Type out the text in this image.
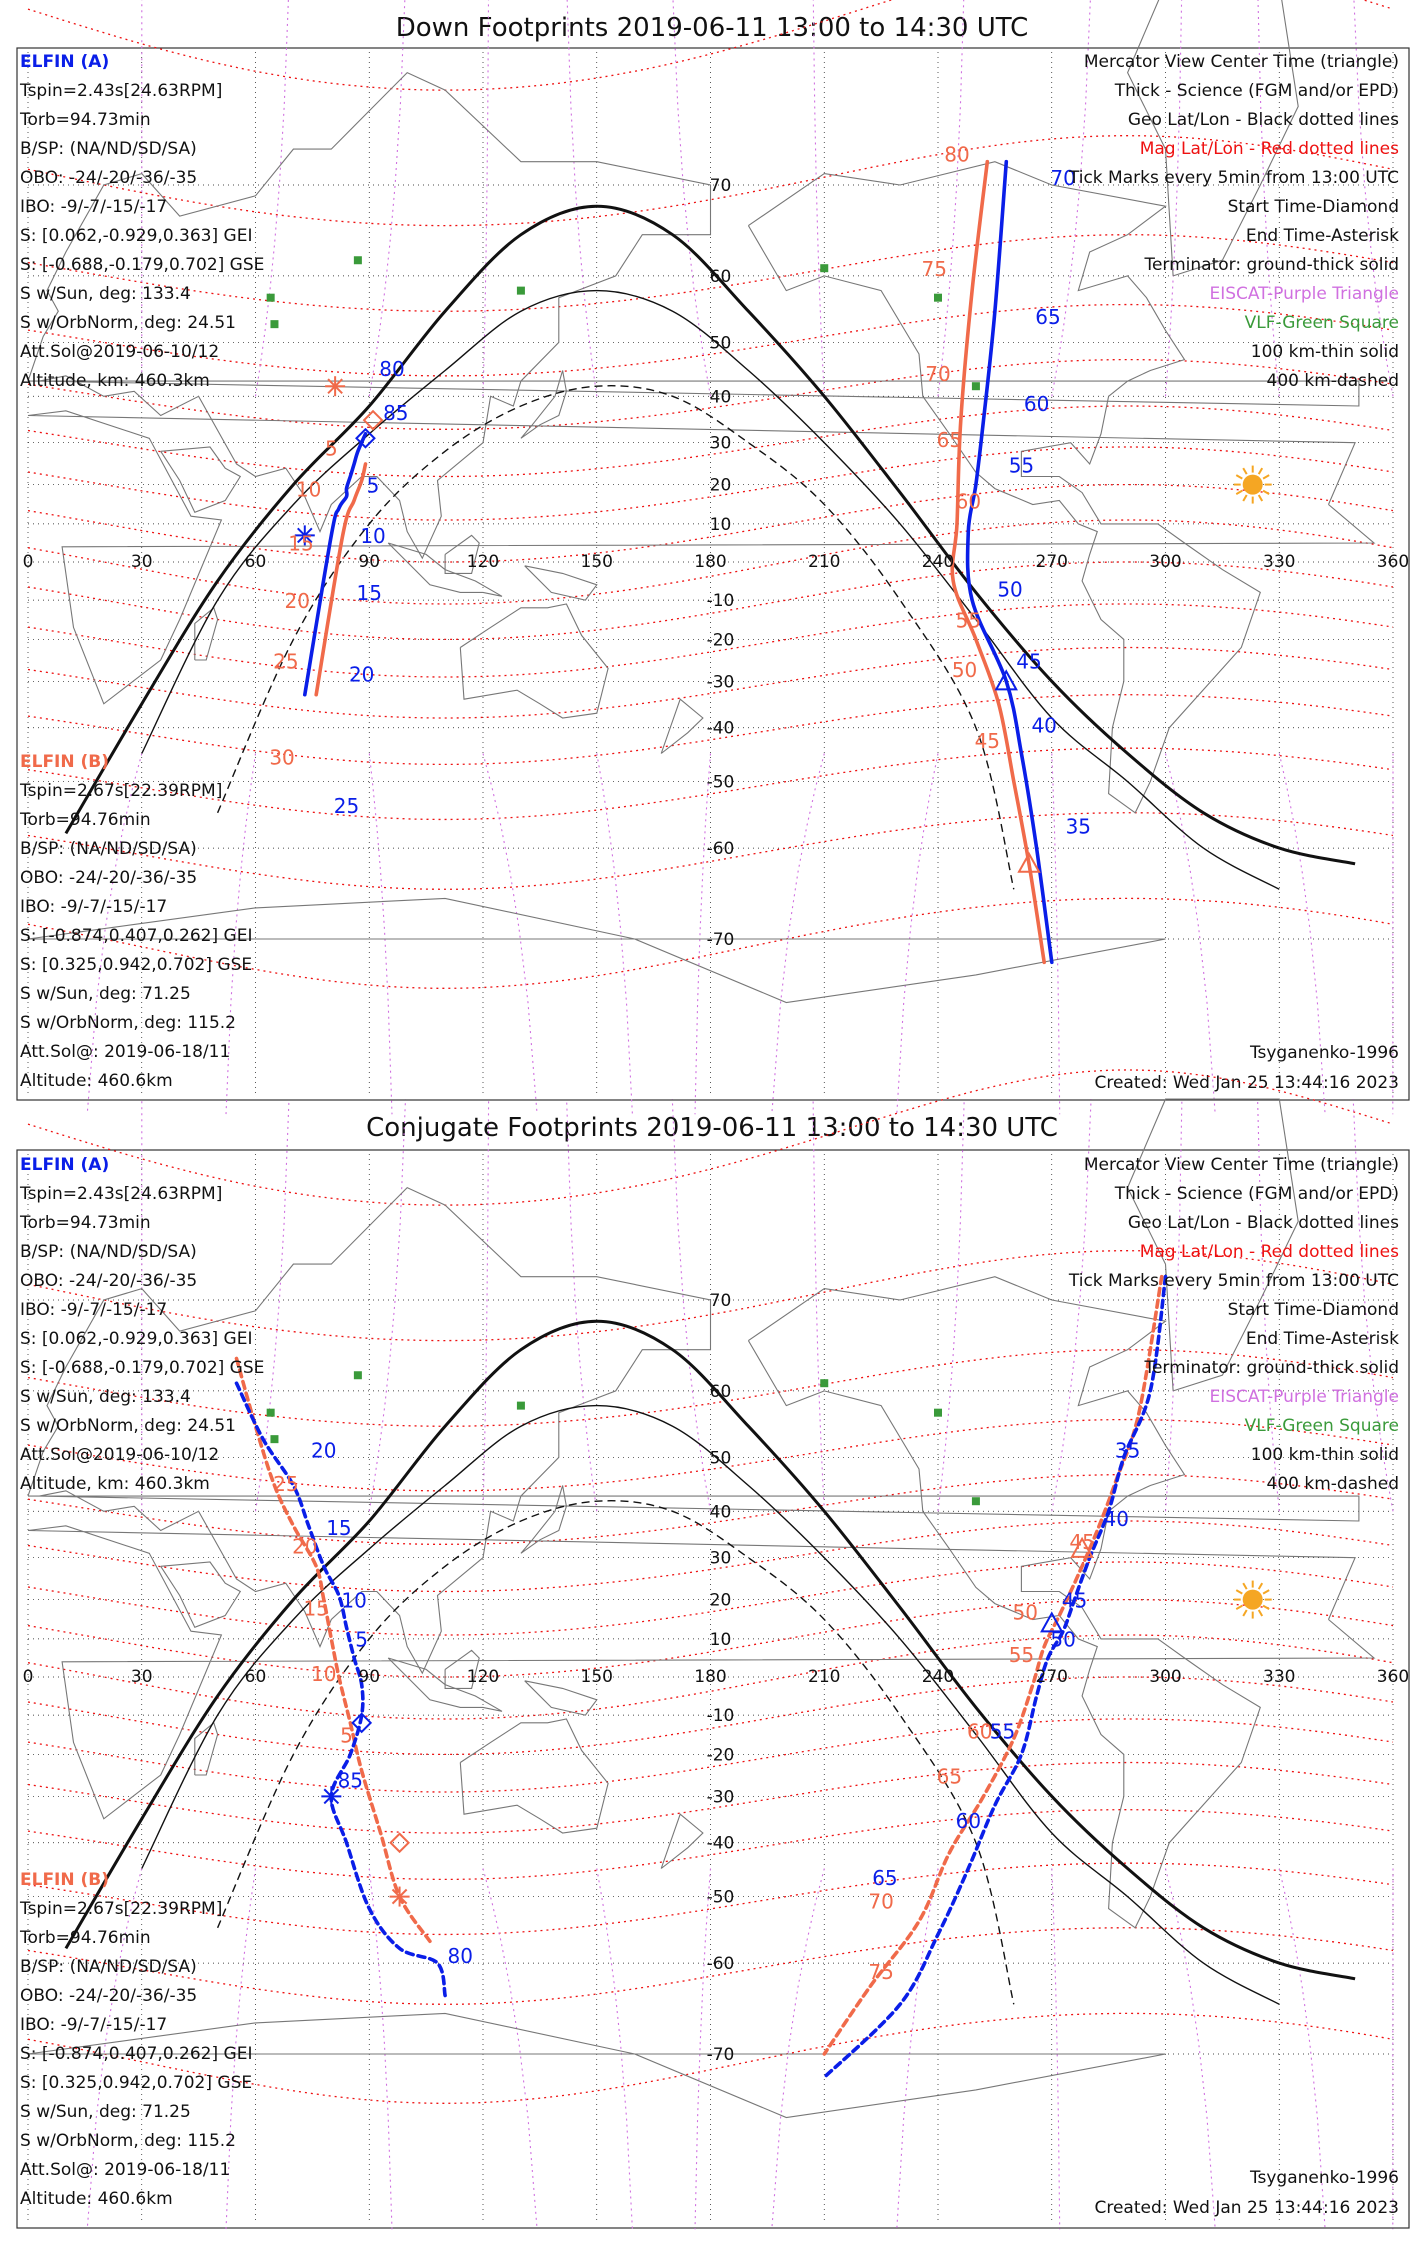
Down Footprints 2019-06-11 13:00 to 14:30 UTC
0	30	60	90	120	150	180	210	240	270	300	330	360
70
60
50
40
30
20
10
-10
-20
-30
-40
-50
-60
-70
80
85
5
10
15
20
25
70
65
60
55
50
45
40
35
5
10
15
20
25
30
80
75
70
65
60
55
50
45
ELFIN (A)
Tspin=2.43s[24.63RPM]
Torb=94.73min
B/SP: (NA/ND/SD/SA)
OBO: -24/-20/-36/-35
IBO: -9/-7/-15/-17
S: [0.062,-0.929,0.363] GEI
S: [-0.688,-0.179,0.702] GSE
S w/Sun, deg: 133.4
S w/OrbNorm, deg: 24.51
Att.Sol@2019-06-10/12
Altitude, km: 460.3km
ELFIN (B)
Tspin=2.67s[22.39RPM]
Torb=94.76min
B/SP: (NA/ND/SD/SA)
OBO: -24/-20/-36/-35
IBO: -9/-7/-15/-17
S: [-0.874,0.407,0.262] GEI
S: [0.325,0.942,0.702] GSE
S w/Sun, deg: 71.25
S w/OrbNorm, deg: 115.2
Att.Sol@: 2019-06-18/11
Altitude: 460.6km
Mercator View Center Time (triangle)
Thick - Science (FGM and/or EPD)
Geo Lat/Lon - Black dotted lines
Mag Lat/Lon - Red dotted lines
Tick Marks every 5min from 13:00 UTC
Start Time-Diamond
End Time-Asterisk
Terminator: ground-thick solid
EISCAT-Purple Triangle
VLF-Green Square
100 km-thin solid
400 km-dashed
Tsyganenko-1996
Created: Wed Jan 25 13:44:16 2023
Conjugate Footprints 2019-06-11 13:00 to 14:30 UTC
0	30	60	90	120	150	180	210	240	270	300	330	360
70
60
50
40
30
20
10
-10
-20
-30
-40
-50
-60
-70
20
15
10
5
85
80
35
40
45
50
55
60
65
25
20
15
10
5
75
70
65
60
55
50
45
ELFIN (A)
Tspin=2.43s[24.63RPM]
Torb=94.73min
B/SP: (NA/ND/SD/SA)
OBO: -24/-20/-36/-35
IBO: -9/-7/-15/-17
S: [0.062,-0.929,0.363] GEI
S: [-0.688,-0.179,0.702] GSE
S w/Sun, deg: 133.4
S w/OrbNorm, deg: 24.51
Att.Sol@2019-06-10/12
Altitude, km: 460.3km
ELFIN (B)
Tspin=2.67s[22.39RPM]
Torb=94.76min
B/SP: (NA/ND/SD/SA)
OBO: -24/-20/-36/-35
IBO: -9/-7/-15/-17
S: [-0.874,0.407,0.262] GEI
S: [0.325,0.942,0.702] GSE
S w/Sun, deg: 71.25
S w/OrbNorm, deg: 115.2
Att.Sol@: 2019-06-18/11
Altitude: 460.6km
Mercator View Center Time (triangle)
Thick - Science (FGM and/or EPD)
Geo Lat/Lon - Black dotted lines
Mag Lat/Lon - Red dotted lines
Tick Marks every 5min from 13:00 UTC
Start Time-Diamond
End Time-Asterisk
Terminator: ground-thick solid
EISCAT-Purple Triangle
VLF-Green Square
100 km-thin solid
400 km-dashed
Tsyganenko-1996
Created: Wed Jan 25 13:44:16 2023
